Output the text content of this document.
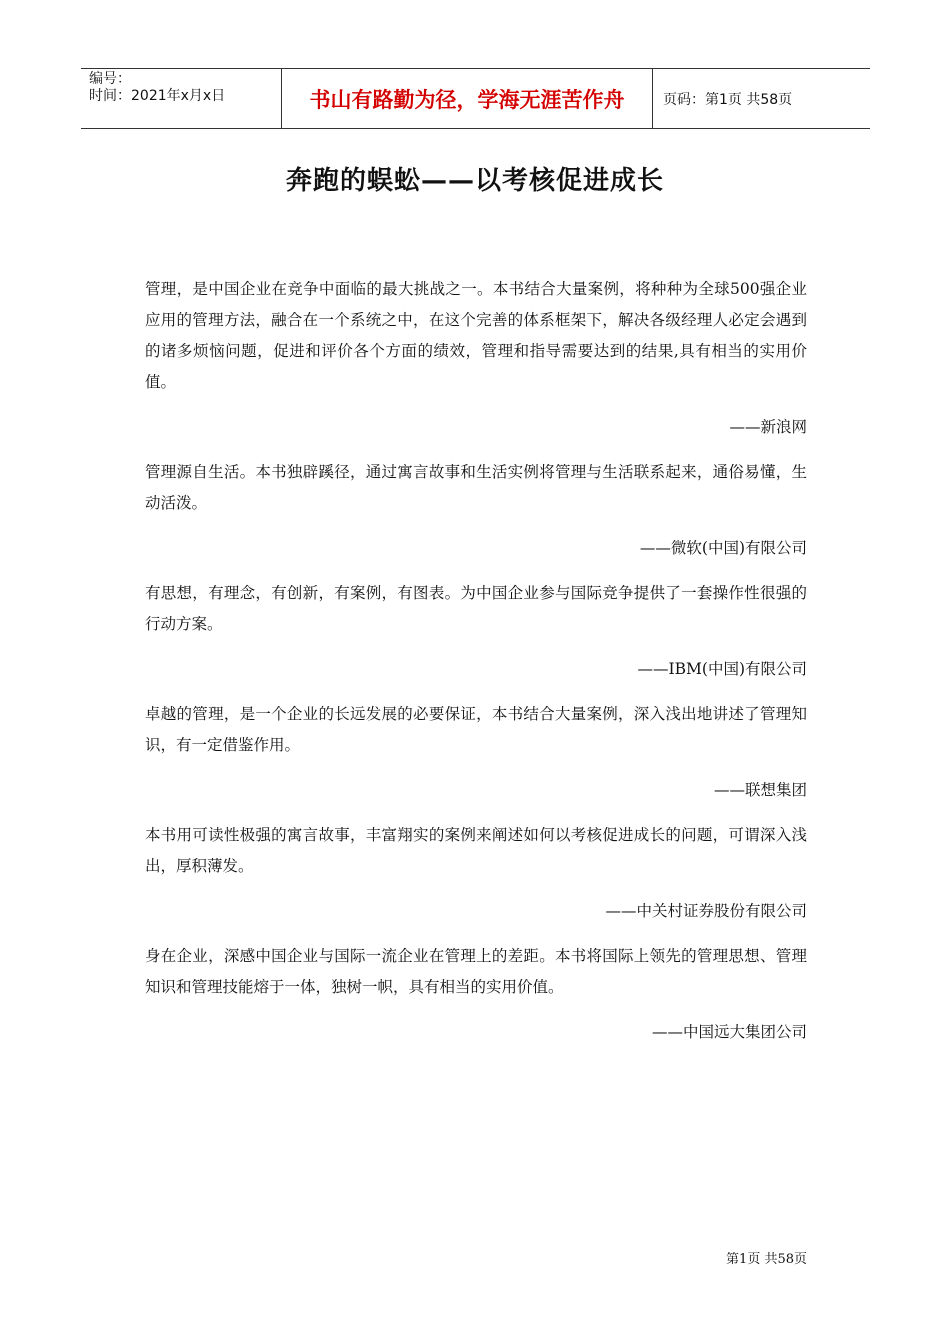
编号：
时间：2021年x月x日	书山有路勤为径，学海无涯苦作舟	页码：第1页 共58页
奔跑的蜈蚣——以考核促进成长

管理，是中国企业在竞争中面临的最大挑战之一。本书结合大量案例，将种种为全球500强企业应用的管理方法，融合在一个系统之中，在这个完善的体系框架下，解决各级经理人必定会遇到的诸多烦恼问题，促进和评价各个方面的绩效，管理和指导需要达到的结果,具有相当的实用价值。

——新浪网

管理源自生活。本书独辟蹊径，通过寓言故事和生活实例将管理与生活联系起来，通俗易懂，生动活泼。

——微软(中国)有限公司

有思想，有理念，有创新，有案例，有图表。为中国企业参与国际竞争提供了一套操作性很强的行动方案。

——IBM(中国)有限公司

卓越的管理，是一个企业的长远发展的必要保证，本书结合大量案例，深入浅出地讲述了管理知识，有一定借鉴作用。

——联想集团

本书用可读性极强的寓言故事，丰富翔实的案例来阐述如何以考核促进成长的问题，可谓深入浅出，厚积薄发。

——中关村证券股份有限公司

身在企业，深感中国企业与国际一流企业在管理上的差距。本书将国际上领先的管理思想、管理知识和管理技能熔于一体，独树一帜，具有相当的实用价值。

——中国远大集团公司
第1页 共58页
